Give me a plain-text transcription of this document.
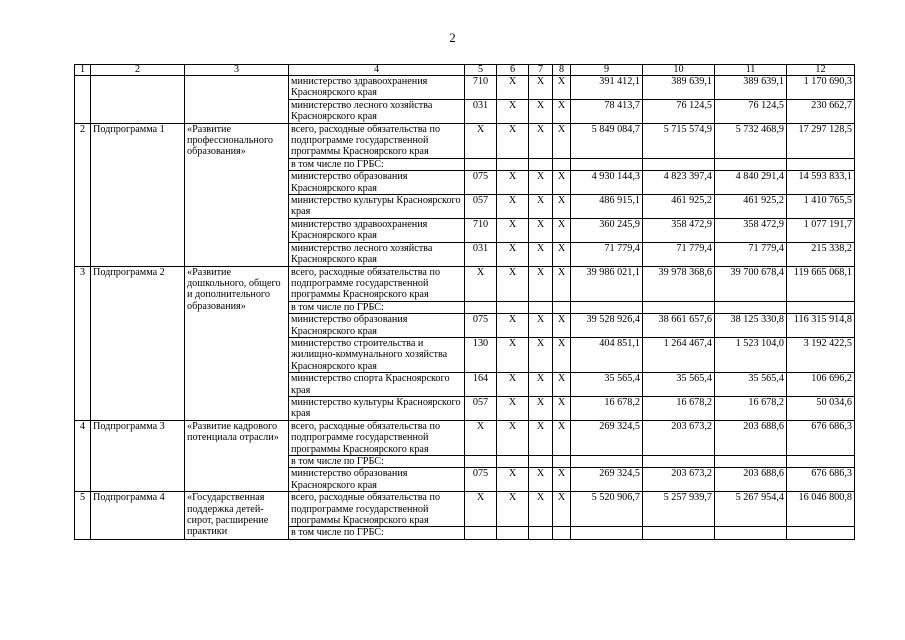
2
1	2	3	4	5	6	7	8	9	10	11	12
			министерство здравоохранения Красноярского края	710	X	X	X	391 412,1	389 639,1	389 639,1	1 170 690,3
			министерство лесного хозяйства Красноярского края	031	X	X	X	78 413,7	76 124,5	76 124,5	230 662,7
2	Подпрограмма 1	«Развитие профессионального образования»	всего, расходные обязательства по подпрограмме государственной программы Красноярского края	X	X	X	X	5 849 084,7	5 715 574,9	5 732 468,9	17 297 128,5
			в том числе по ГРБС:								
			министерство образования Красноярского края	075	X	X	X	4 930 144,3	4 823 397,4	4 840 291,4	14 593 833,1
			министерство культуры Красноярского края	057	X	X	X	486 915,1	461 925,2	461 925,2	1 410 765,5
			министерство здравоохранения Красноярского края	710	X	X	X	360 245,9	358 472,9	358 472,9	1 077 191,7
			министерство лесного хозяйства Красноярского края	031	X	X	X	71 779,4	71 779,4	71 779,4	215 338,2
3	Подпрограмма 2	«Развитие дошкольного, общего и дополнительного образования»	всего, расходные обязательства по подпрограмме государственной программы Красноярского края	X	X	X	X	39 986 021,1	39 978 368,6	39 700 678,4	119 665 068,1
			в том числе по ГРБС:								
			министерство образования Красноярского края	075	X	X	X	39 528 926,4	38 661 657,6	38 125 330,8	116 315 914,8
			министерство строительства и жилищно-коммунального хозяйства Красноярского края	130	X	X	X	404 851,1	1 264 467,4	1 523 104,0	3 192 422,5
			министерство спорта Красноярского края	164	X	X	X	35 565,4	35 565,4	35 565,4	106 696,2
			министерство культуры Красноярского края	057	X	X	X	16 678,2	16 678,2	16 678,2	50 034,6
4	Подпрограмма 3	«Развитие кадрового потенциала отрасли»	всего, расходные обязательства по подпрограмме государственной программы Красноярского края	X	X	X	X	269 324,5	203 673,2	203 688,6	676 686,3
			в том числе по ГРБС:								
			министерство образования Красноярского края	075	X	X	X	269 324,5	203 673,2	203 688,6	676 686,3
5	Подпрограмма 4	«Государственная поддержка детей-сирот, расширение практики	всего, расходные обязательства по подпрограмме государственной программы Красноярского края	X	X	X	X	5 520 906,7	5 257 939,7	5 267 954,4	16 046 800,8
			в том числе по ГРБС:								
